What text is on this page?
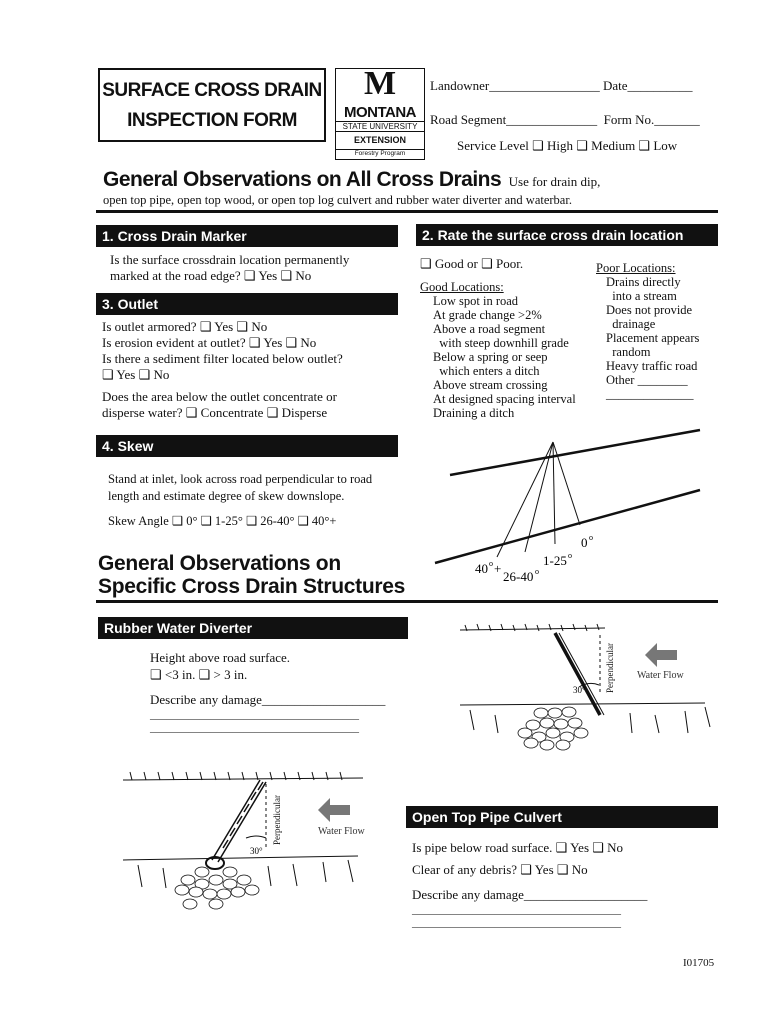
SURFACE CROSS DRAIN
INSPECTION FORM
M
MONTANA
STATE UNIVERSITY
EXTENSION
Forestry Program
Landowner_________________ Date__________
Road Segment______________  Form No._______
Service Level ❑ High ❑ Medium ❑ Low
General Observations on All Cross Drains Use for drain dip,
open top pipe, open top wood, or open top log culvert and rubber water diverter and waterbar.
1. Cross Drain Marker
Is the surface crossdrain location permanently
marked at the road edge? ❑ Yes ❑ No
2. Rate the surface cross drain location
❑ Good or ❑ Poor.
Good Locations:
Low spot in road
At grade change >2%
Above a road segment
with steep downhill grade
Below a spring or seep
which enters a ditch
Above stream crossing
At designed spacing interval
Draining a ditch
Poor Locations:
Drains directly
into a stream
Does not provide
drainage
Placement appears
random
Heavy traffic road
Other ________
______________
3. Outlet
Is outlet armored? ❑ Yes ❑ No
Is erosion evident at outlet? ❑ Yes ❑ No
Is there a sediment filter located below outlet?
❑ Yes ❑ No
Does the area below the outlet concentrate or
disperse water? ❑ Concentrate ❑ Disperse
4. Skew
Stand at inlet, look across road perpendicular to road
length and estimate degree of skew downslope.
Skew Angle ❑ 0° ❑ 1-25° ❑ 26-40° ❑ 40°+
0 o
1-25 o
26-40 o
40 o +
General Observations on
Specific Cross Drain Structures
Rubber Water Diverter
Height above road surface.
❑ <3 in. ❑ > 3 in.
Describe any damage___________________
______________________________________
______________________________________
Water Flow
Perpendicular
30°
Water Flow
Perpendicular
30°
Open Top Pipe Culvert
Is pipe below road surface. ❑ Yes ❑ No
Clear of any debris? ❑ Yes ❑ No
Describe any damage___________________
______________________________________
______________________________________
I01705
